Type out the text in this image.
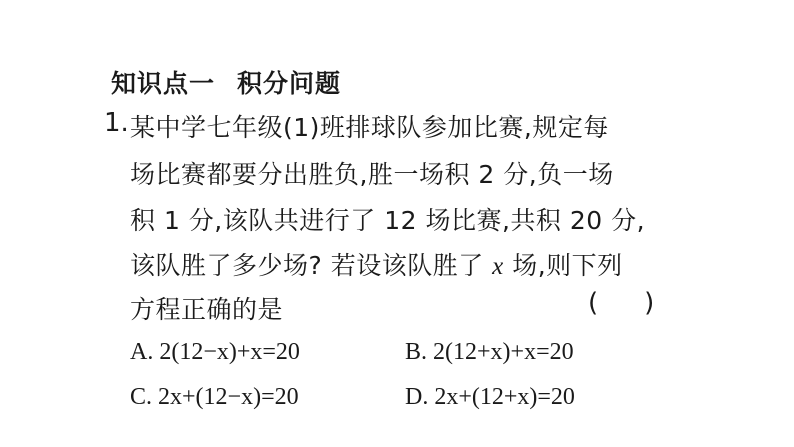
知识点一 积分问题
1. 某中学七年级(1)班排球队参加比赛,规定每
场比赛都要分出胜负,胜一场积 2 分,负一场
积 1 分,该队共进行了 12 场比赛,共积 20 分,
该队胜了多少场? 若设该队胜了 x 场,则下列
方程正确的是	( )
A. 2(12−x)+x=20	B. 2(12+x)+x=20
C. 2x+(12−x)=20	D. 2x+(12+x)=20
